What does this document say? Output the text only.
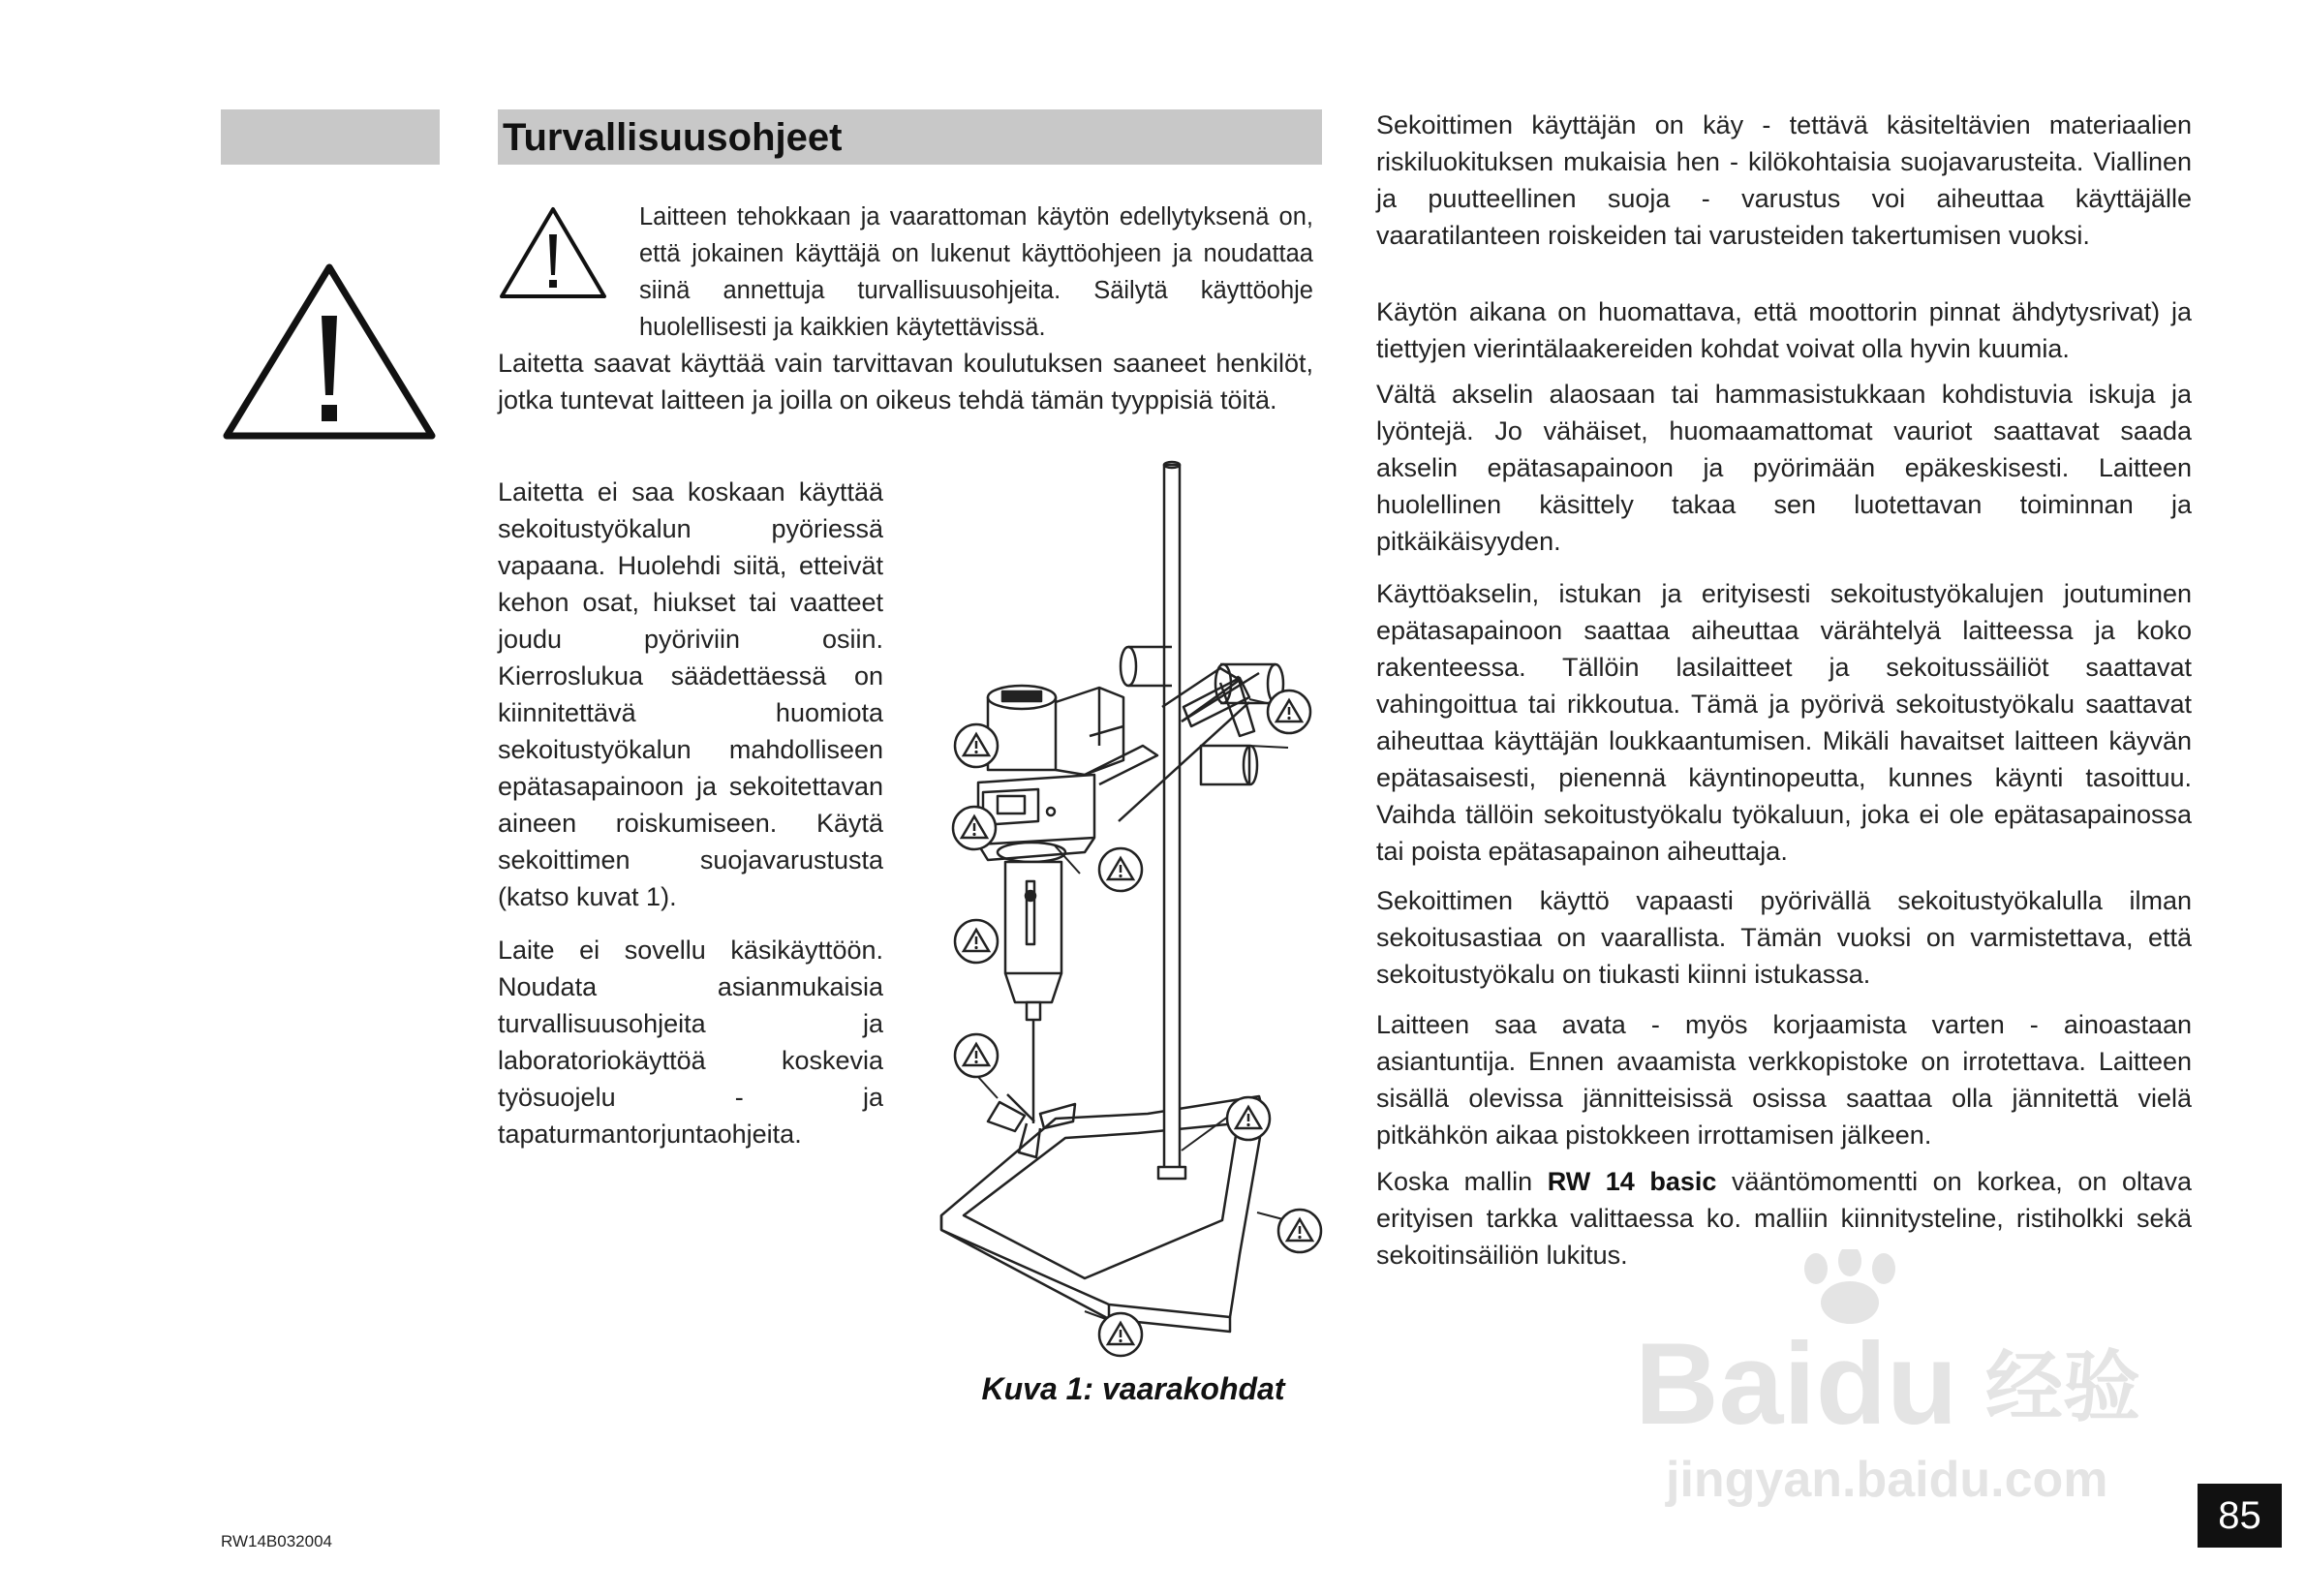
Turvallisuusohjeet

Laitteen tehokkaan ja vaarattoman käytön edellytyksenä on, että jokainen käyttäjä on lukenut käyttöohjeen ja noudattaa siinä annettuja turvallisuusohjeita. Säilytä käyttöohje huolellisesti ja kaikkien käytettävissä.

Laitetta saavat käyttää vain tarvittavan koulutuksen saaneet henkilöt, jotka tuntevat laitteen ja joilla on oikeus tehdä tämän tyyppisiä töitä.

Laitetta ei saa koskaan käyttää sekoitustyökalun pyöriessä vapaana. Huolehdi siitä, etteivät kehon osat, hiukset tai vaatteet joudu pyöriviin osiin. Kierroslukua säädettäessä on kiinnitettävä huomiota sekoitustyökalun mahdolliseen epätasapainoon ja sekoitettavan aineen roiskumiseen. Käytä sekoittimen suojavarustusta (katso kuvat 1).

Laite ei sovellu käsikäyttöön. Noudata asianmukaisia turvallisuusohjeita ja laboratoriokäyttöä koskevia työsuojelu - ja tapaturmantorjuntaohjeita.

Sekoittimen käyttäjän on käy - tettävä käsiteltävien materiaalien riskiluokituksen mukaisia hen - kilökohtaisia suojavarusteita. Viallinen ja puutteellinen suoja - varustus voi aiheuttaa käyttäjälle vaaratilanteen roiskeiden tai varusteiden takertumisen vuoksi.

Käytön aikana on huomattava, että moottorin pinnat ähdytysrivat) ja tiettyjen vierintälaakereiden kohdat voivat olla hyvin kuumia.

Vältä akselin alaosaan tai hammasistukkaan kohdistuvia iskuja ja lyöntejä. Jo vähäiset, huomaamattomat vauriot saattavat saada akselin epätasapainoon ja pyörimään epäkeskisesti. Laitteen huolellinen käsittely takaa sen luotettavan toiminnan ja pitkäikäisyyden.

Käyttöakselin, istukan ja erityisesti sekoitustyökalujen joutuminen epätasapainoon saattaa aiheuttaa värähtelyä laitteessa ja koko rakenteessa. Tällöin lasilaitteet ja sekoitussäiliöt saattavat vahingoittua tai rikkoutua. Tämä ja pyörivä sekoitustyökalu saattavat aiheuttaa käyttäjän loukkaantumisen. Mikäli havaitset laitteen käyvän epätasaisesti, pienennä käyntinopeutta, kunnes käynti tasoittuu. Vaihda tällöin sekoitustyökalu työkaluun, joka ei ole epätasapainossa tai poista epätasapainon aiheuttaja.

Sekoittimen käyttö vapaasti pyörivällä sekoitustyökalulla ilman sekoitusastiaa on vaarallista. Tämän vuoksi on varmistettava, että sekoitustyökalu on tiukasti kiinni istukassa.

Laitteen saa avata - myös korjaamista varten - ainoastaan asiantuntija. Ennen avaamista verkkopistoke on irrotettava. Laitteen sisällä olevissa jännitteisissä osissa saattaa olla jännitettä vielä pitkähkön aikaa pistokkeen irrottamisen jälkeen.

Koska mallin RW 14 basic vääntömomentti on korkea, on oltava erityisen tarkka valittaessa ko. malliin kiinnitysteline, ristiholkki sekä sekoitinsäiliön lukitus.

Kuva 1: vaarakohdat	Baidu 经验
jingyan.baidu.com
RW14B032004
85
